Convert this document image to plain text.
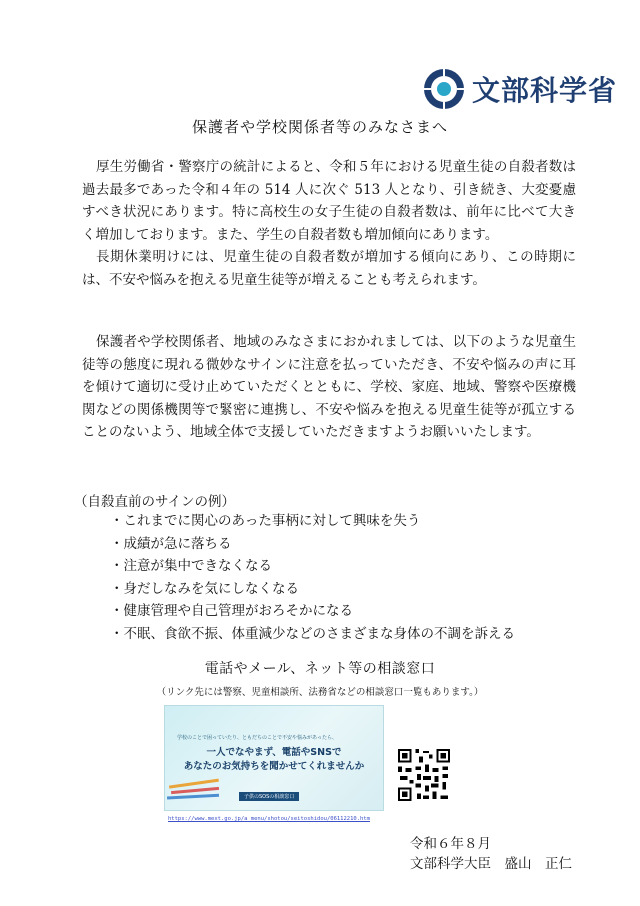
文部科学省
保護者や学校関係者等のみなさまへ

厚生労働省・警察庁の統計によると、令和５年における児童生徒の自殺者数は過去最多であった令和４年の 514 人に次ぐ 513 人となり、引き続き、大変憂慮すべき状況にあります。特に高校生の女子生徒の自殺者数は、前年に比べて大きく増加しております。また、学生の自殺者数も増加傾向にあります。

長期休業明けには、児童生徒の自殺者数が増加する傾向にあり、この時期には、不安や悩みを抱える児童生徒等が増えることも考えられます。

保護者や学校関係者、地域のみなさまにおかれましては、以下のような児童生徒等の態度に現れる微妙なサインに注意を払っていただき、不安や悩みの声に耳を傾けて適切に受け止めていただくとともに、学校、家庭、地域、警察や医療機関などの関係機関等で緊密に連携し、不安や悩みを抱える児童生徒等が孤立することのないよう、地域全体で支援していただきますようお願いいたします。

（自殺直前のサインの例）
・ これまでに関心のあった事柄に対して興味を失う
・ 成績が急に落ちる
・ 注意が集中できなくなる
・ 身だしなみを気にしなくなる
・ 健康管理や自己管理がおろそかになる
・ 不眠、食欲不振、体重減少などのさまざまな身体の不調を訴える
電話やメール、ネット等の相談窓口
（リンク先には警察、児童相談所、法務省などの相談窓口一覧もあります。）
学校のことで困っていたり、ともだちのことで不安や悩みがあったら、
一人でなやまず、電話やSNSで
あなたのお気持ちを聞かせてくれませんか
子供のSOSの相談窓口
https://www.mext.go.jp/a_menu/shotou/seitoshidou/06112210.htm
令和６年８月
文部科学大臣　盛山　正仁
